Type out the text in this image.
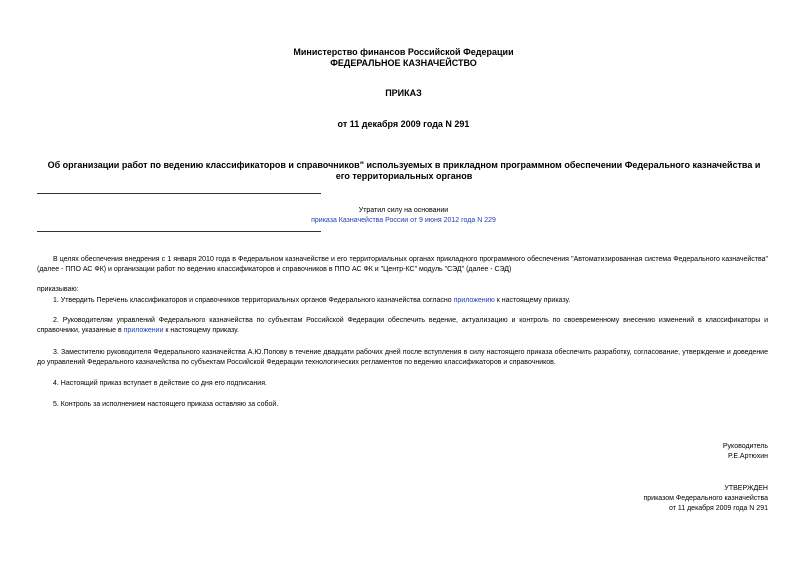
Министерство финансов Российской Федерации
ФЕДЕРАЛЬНОЕ КАЗНАЧЕЙСТВО
ПРИКАЗ
от 11 декабря 2009 года N 291
Об организации работ по ведению классификаторов и справочников" используемых в прикладном программном обеспечении Федерального казначейства и его территориальных органов
Утратил силу на основании
приказа Казначейства России от 9 июня 2012 года N 229
В целях обеспечения внедрения с 1 января 2010 года в Федеральном казначействе и его территориальных органах прикладного программного обеспечения "Автоматизированная система Федерального казначейства" (далее - ППО АС ФК) и организации работ по ведению классификаторов и справочников в ППО АС ФК и "Центр-КС" модуль "СЭД" (далее - СЭД)
приказываю:
1. Утвердить Перечень классификаторов и справочников территориальных органов Федерального казначейства согласно приложению к настоящему приказу.
2. Руководителям управлений Федерального казначейства по субъектам Российской Федерации обеспечить ведение, актуализацию и контроль по своевременному внесению изменений в классификаторы и справочники, указанные в приложении к настоящему приказу.
3. Заместителю руководителя Федерального казначейства А.Ю.Попову в течение двадцати рабочих дней после вступления в силу настоящего приказа обеспечить разработку, согласование, утверждение и доведение до управлений Федерального казначейства по субъектам Российской Федерации технологических регламентов по ведению классификаторов и справочников.
4. Настоящий приказ вступает в действие со дня его подписания.
5. Контроль за исполнением настоящего приказа оставляю за собой.
Руководитель
Р.Е.Артюхин
УТВЕРЖДЕН
приказом Федерального казначейства
от 11 декабря 2009 года N 291
